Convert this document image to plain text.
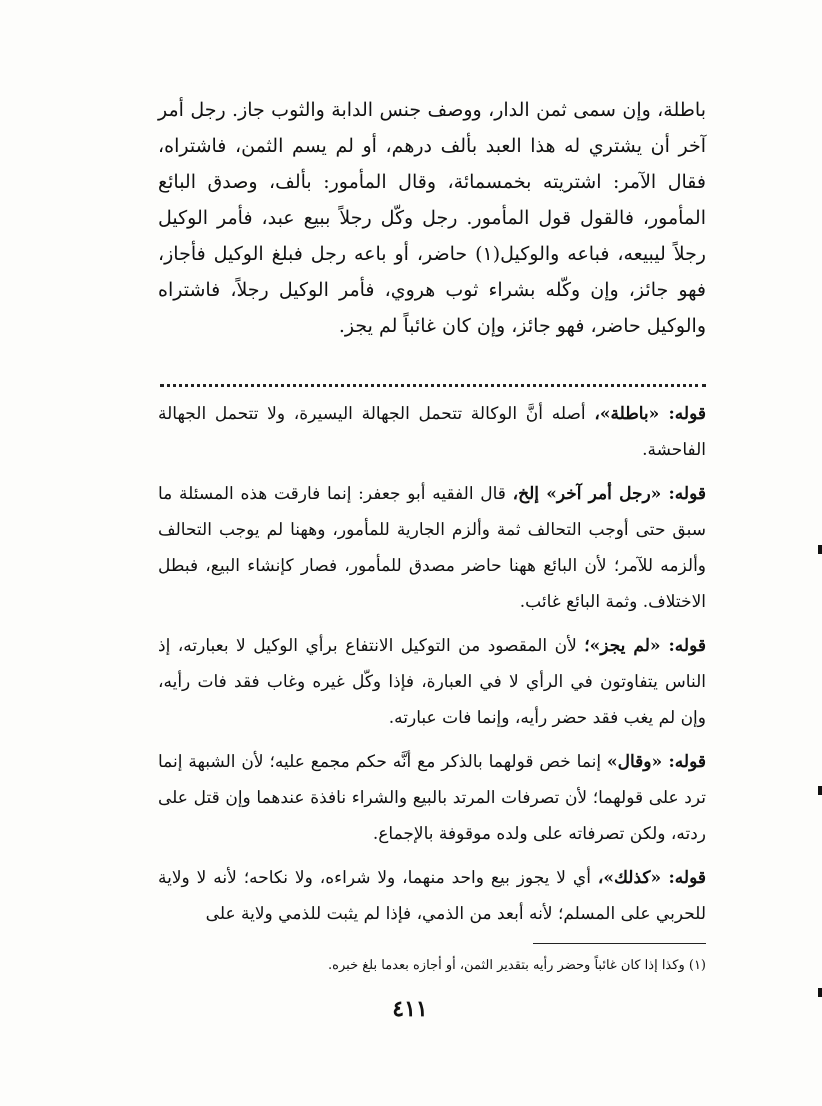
باطلة، وإن سمى ثمن الدار، ووصف جنس الدابة والثوب جاز. رجل أمر آخر أن يشتري له هذا العبد بألف درهم، أو لم يسم الثمن، فاشتراه، فقال الآمر: اشتريته بخمسمائة، وقال المأمور: بألف، وصدق البائع المأمور، فالقول قول المأمور. رجل وكّل رجلاً ببيع عبد، فأمر الوكيل رجلاً ليبيعه، فباعه والوكيل(١) حاضر، أو باعه رجل فبلغ الوكيل فأجاز، فهو جائز، وإن وكّله بشراء ثوب هروي، فأمر الوكيل رجلاً، فاشتراه والوكيل حاضر، فهو جائز، وإن كان غائباً لم يجز.

قوله: «باطلة»، أصله أنَّ الوكالة تتحمل الجهالة اليسيرة، ولا تتحمل الجهالة الفاحشة.

قوله: «رجل أمر آخر» إلخ، قال الفقيه أبو جعفر: إنما فارقت هذه المسئلة ما سبق حتى أوجب التحالف ثمة وألزم الجارية للمأمور، وههنا لم يوجب التحالف وألزمه للآمر؛ لأن البائع ههنا حاضر مصدق للمأمور، فصار كإنشاء البيع، فبطل الاختلاف. وثمة البائع غائب.

قوله: «لم يجز»؛ لأن المقصود من التوكيل الانتفاع برأي الوكيل لا بعبارته، إذ الناس يتفاوتون في الرأي لا في العبارة، فإذا وكّل غيره وغاب فقد فات رأيه، وإن لم يغب فقد حضر رأيه، وإنما فات عبارته.

قوله: «وقال» إنما خص قولهما بالذكر مع أنَّه حكم مجمع عليه؛ لأن الشبهة إنما ترد على قولهما؛ لأن تصرفات المرتد بالبيع والشراء نافذة عندهما وإن قتل على ردته، ولكن تصرفاته على ولده موقوفة بالإجماع.

قوله: «كذلك»، أي لا يجوز بيع واحد منهما، ولا شراءه، ولا نكاحه؛ لأنه لا ولاية للحربي على المسلم؛ لأنه أبعد من الذمي، فإذا لم يثبت للذمي ولاية على

(١) وكذا إذا كان غائباً وحضر رأيه بتقدير الثمن، أو أجازه بعدما بلغ خبره.
٤١١
